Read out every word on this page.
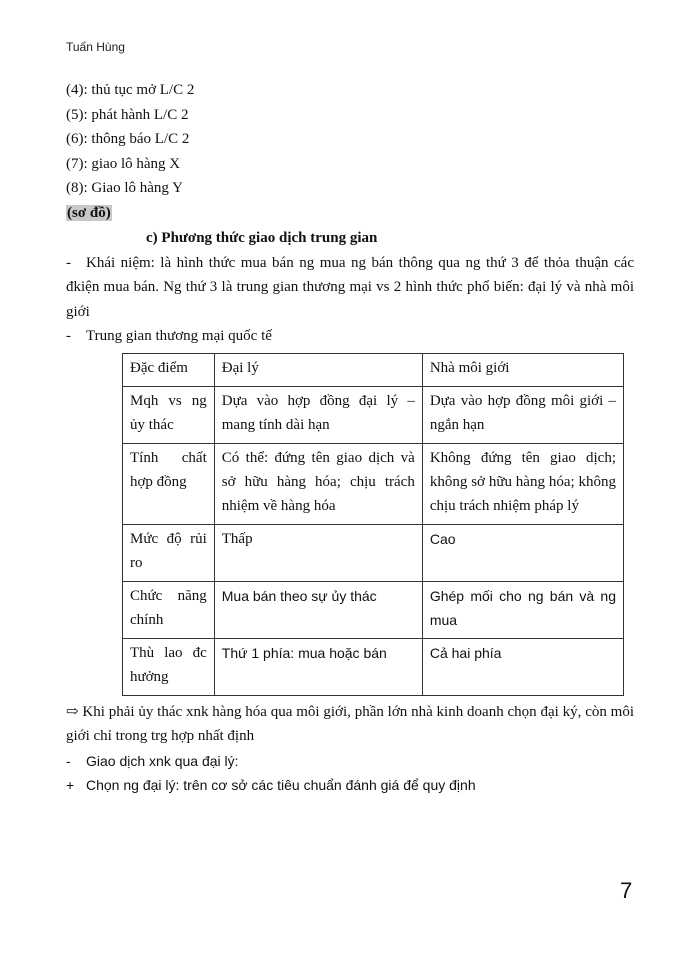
Tuấn Hùng
(4): thủ tục mở L/C 2
(5): phát hành L/C 2
(6): thông báo L/C 2
(7): giao lô hàng X
(8): Giao lô hàng Y
(sơ đồ)
c) Phương thức giao dịch trung gian
- Khái niệm: là hình thức mua bán ng mua ng bán thông qua ng thứ 3 để thỏa thuận các đkiện mua bán. Ng thứ 3 là trung gian thương mại vs 2 hình thức phổ biến: đại lý và nhà môi giới
- Trung gian thương mại quốc tế
Đặc điểm	Đại lý	Nhà môi giới
Mqh vs ng ủy thác	Dựa vào hợp đồng đại lý – mang tính dài hạn	Dựa vào hợp đồng môi giới – ngắn hạn
Tính chất hợp đồng	Có thể: đứng tên giao dịch và sở hữu hàng hóa; chịu trách nhiệm về hàng hóa	Không đứng tên giao dịch; không sở hữu hàng hóa; không chịu trách nhiệm pháp lý
Mức độ rủi ro	Thấp	Cao
Chức năng chính	Mua bán theo sự ủy thác	Ghép mối cho ng bán và ng mua
Thù lao đc hưởng	Thứ 1 phía: mua hoặc bán	Cả hai phía
⇨ Khi phải ủy thác xnk hàng hóa qua môi giới, phần lớn nhà kinh doanh chọn đại ký, còn môi giới chỉ trong trg hợp nhất định
- Giao dịch xnk qua đại lý:
+ Chọn ng đại lý: trên cơ sở các tiêu chuẩn đánh giá để quy định
7
